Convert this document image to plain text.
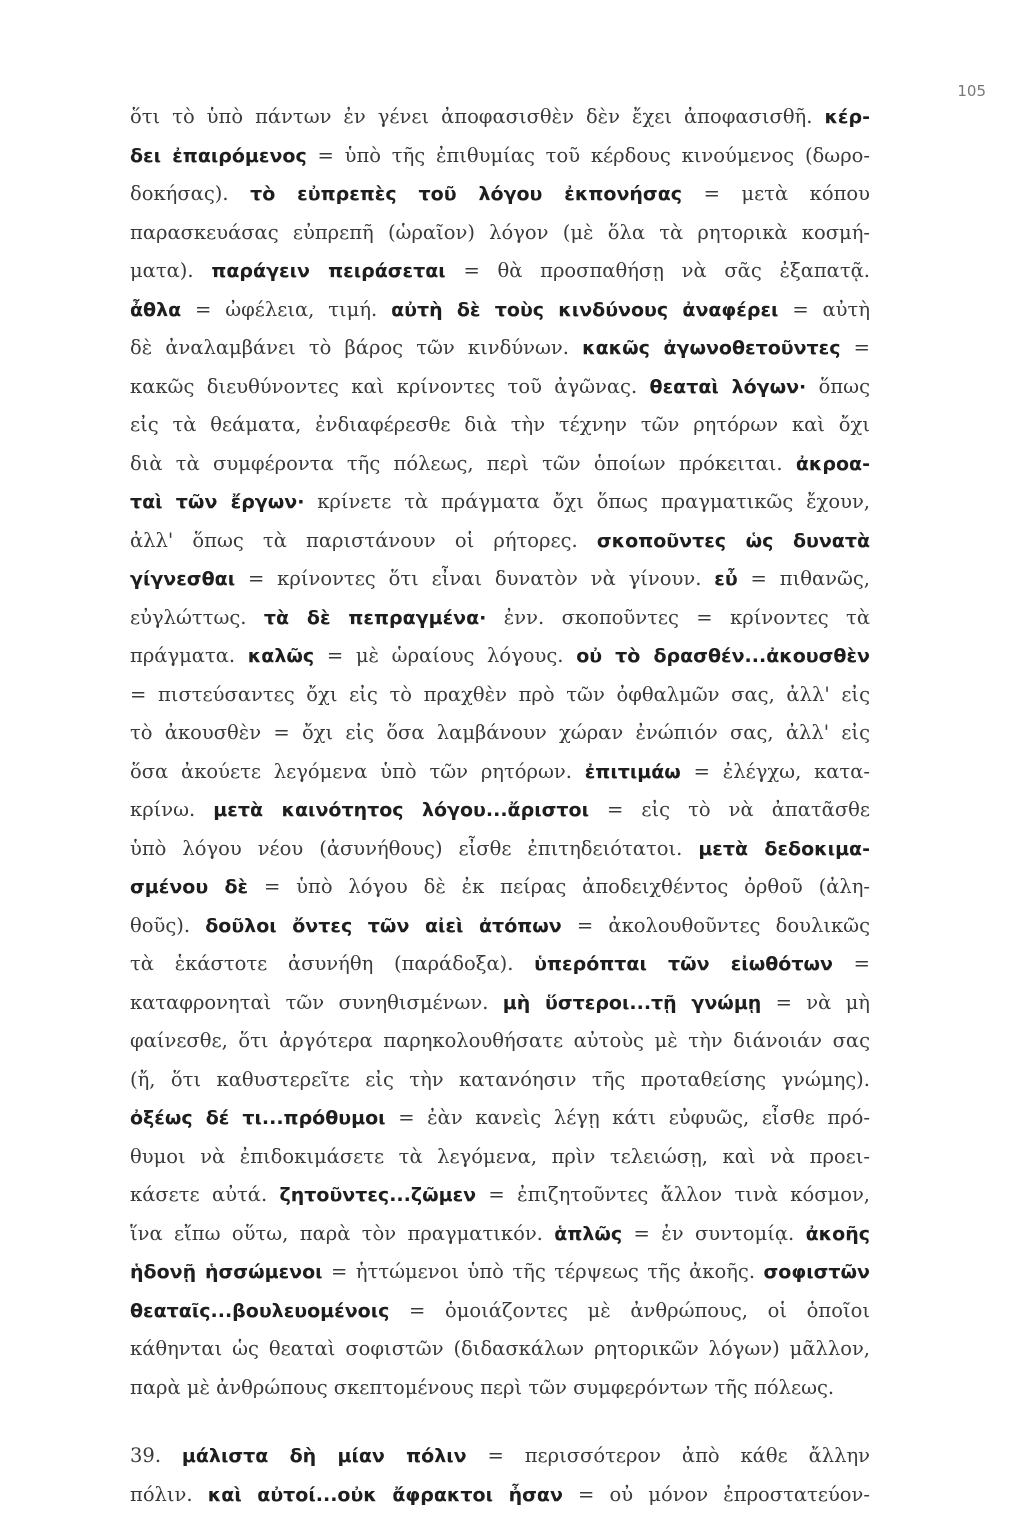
105
ὅτι τὸ ὑπὸ πάντων ἐν γένει ἀποφασισθὲν δὲν ἔχει ἀποφασισθῆ. κέρ-
δει ἐπαιρόμενος = ὑπὸ τῆς ἐπιθυμίας τοῦ κέρδους κινούμενος (δωρο-
δοκήσας). τὸ εὐπρεπὲς τοῦ λόγου ἐκπονήσας = μετὰ κόπου
παρασκευάσας εὐπρεπῆ (ὡραῖον) λόγον (μὲ ὅλα τὰ ρητορικὰ κοσμή-
ματα). παράγειν πειράσεται = θὰ προσπαθήσῃ νὰ σᾶς ἐξαπατᾷ.
ἆθλα = ὠφέλεια, τιμή. αὐτὴ δὲ τοὺς κινδύνους ἀναφέρει = αὐτὴ
δὲ ἀναλαμβάνει τὸ βάρος τῶν κινδύνων. κακῶς ἀγωνοθετοῦντες =
κακῶς διευθύνοντες καὶ κρίνοντες τοῦ ἀγῶνας. θεαταὶ λόγων· ὅπως
εἰς τὰ θεάματα, ἐνδιαφέρεσθε διὰ τὴν τέχνην τῶν ρητόρων καὶ ὄχι
διὰ τὰ συμφέροντα τῆς πόλεως, περὶ τῶν ὁποίων πρόκειται. ἀκροα-
ταὶ τῶν ἔργων· κρίνετε τὰ πράγματα ὄχι ὅπως πραγματικῶς ἔχουν,
ἀλλ' ὅπως τὰ παριστάνουν οἱ ρήτορες. σκοποῦντες ὡς δυνατὰ
γίγνεσθαι = κρίνοντες ὅτι εἶναι δυνατὸν νὰ γίνουν. εὖ = πιθανῶς,
εὐγλώττως. τὰ δὲ πεπραγμένα· ἐνν. σκοποῦντες = κρίνοντες τὰ
πράγματα. καλῶς = μὲ ὡραίους λόγους. οὐ τὸ δρασθέν...ἀκουσθὲν
= πιστεύσαντες ὄχι εἰς τὸ πραχθὲν πρὸ τῶν ὀφθαλμῶν σας, ἀλλ' εἰς
τὸ ἀκουσθὲν = ὄχι εἰς ὅσα λαμβάνουν χώραν ἐνώπιόν σας, ἀλλ' εἰς
ὅσα ἀκούετε λεγόμενα ὑπὸ τῶν ρητόρων. ἐπιτιμάω = ἐλέγχω, κατα-
κρίνω. μετὰ καινότητος λόγου...ἄριστοι = εἰς τὸ νὰ ἀπατᾶσθε
ὑπὸ λόγου νέου (ἀσυνήθους) εἶσθε ἐπιτηδειότατοι. μετὰ δεδοκιμα-
σμένου δὲ = ὑπὸ λόγου δὲ ἐκ πείρας ἀποδειχθέντος ὀρθοῦ (ἀλη-
θοῦς). δοῦλοι ὄντες τῶν αἰεὶ ἀτόπων = ἀκολουθοῦντες δουλικῶς
τὰ ἑκάστοτε ἀσυνήθη (παράδοξα). ὑπερόπται τῶν εἰωθότων =
καταφρονηταὶ τῶν συνηθισμένων. μὴ ὕστεροι...τῇ γνώμῃ = νὰ μὴ
φαίνεσθε, ὅτι ἀργότερα παρηκολουθήσατε αὐτοὺς μὲ τὴν διάνοιάν σας
(ἤ, ὅτι καθυστερεῖτε εἰς τὴν κατανόησιν τῆς προταθείσης γνώμης).
ὀξέως δέ τι...πρόθυμοι = ἐὰν κανεὶς λέγῃ κάτι εὐφυῶς, εἶσθε πρό-
θυμοι νὰ ἐπιδοκιμάσετε τὰ λεγόμενα, πρὶν τελειώσῃ, καὶ νὰ προει-
κάσετε αὐτά. ζητοῦντες...ζῶμεν = ἐπιζητοῦντες ἄλλον τινὰ κόσμον,
ἵνα εἴπω οὕτω, παρὰ τὸν πραγματικόν. ἁπλῶς = ἐν συντομίᾳ. ἀκοῆς
ἡδονῇ ἡσσώμενοι = ἡττώμενοι ὑπὸ τῆς τέρψεως τῆς ἀκοῆς. σοφιστῶν
θεαταῖς...βουλευομένοις = ὁμοιάζοντες μὲ ἀνθρώπους, οἱ ὁποῖοι
κάθηνται ὡς θεαταὶ σοφιστῶν (διδασκάλων ρητορικῶν λόγων) μᾶλλον,
παρὰ μὲ ἀνθρώπους σκεπτομένους περὶ τῶν συμφερόντων τῆς πόλεως.
39. μάλιστα δὴ μίαν πόλιν = περισσότερον ἀπὸ κάθε ἄλλην
πόλιν. καὶ αὐτοί...οὐκ ἄφρακτοι ἦσαν = οὐ μόνον ἐπροστατεύον-
